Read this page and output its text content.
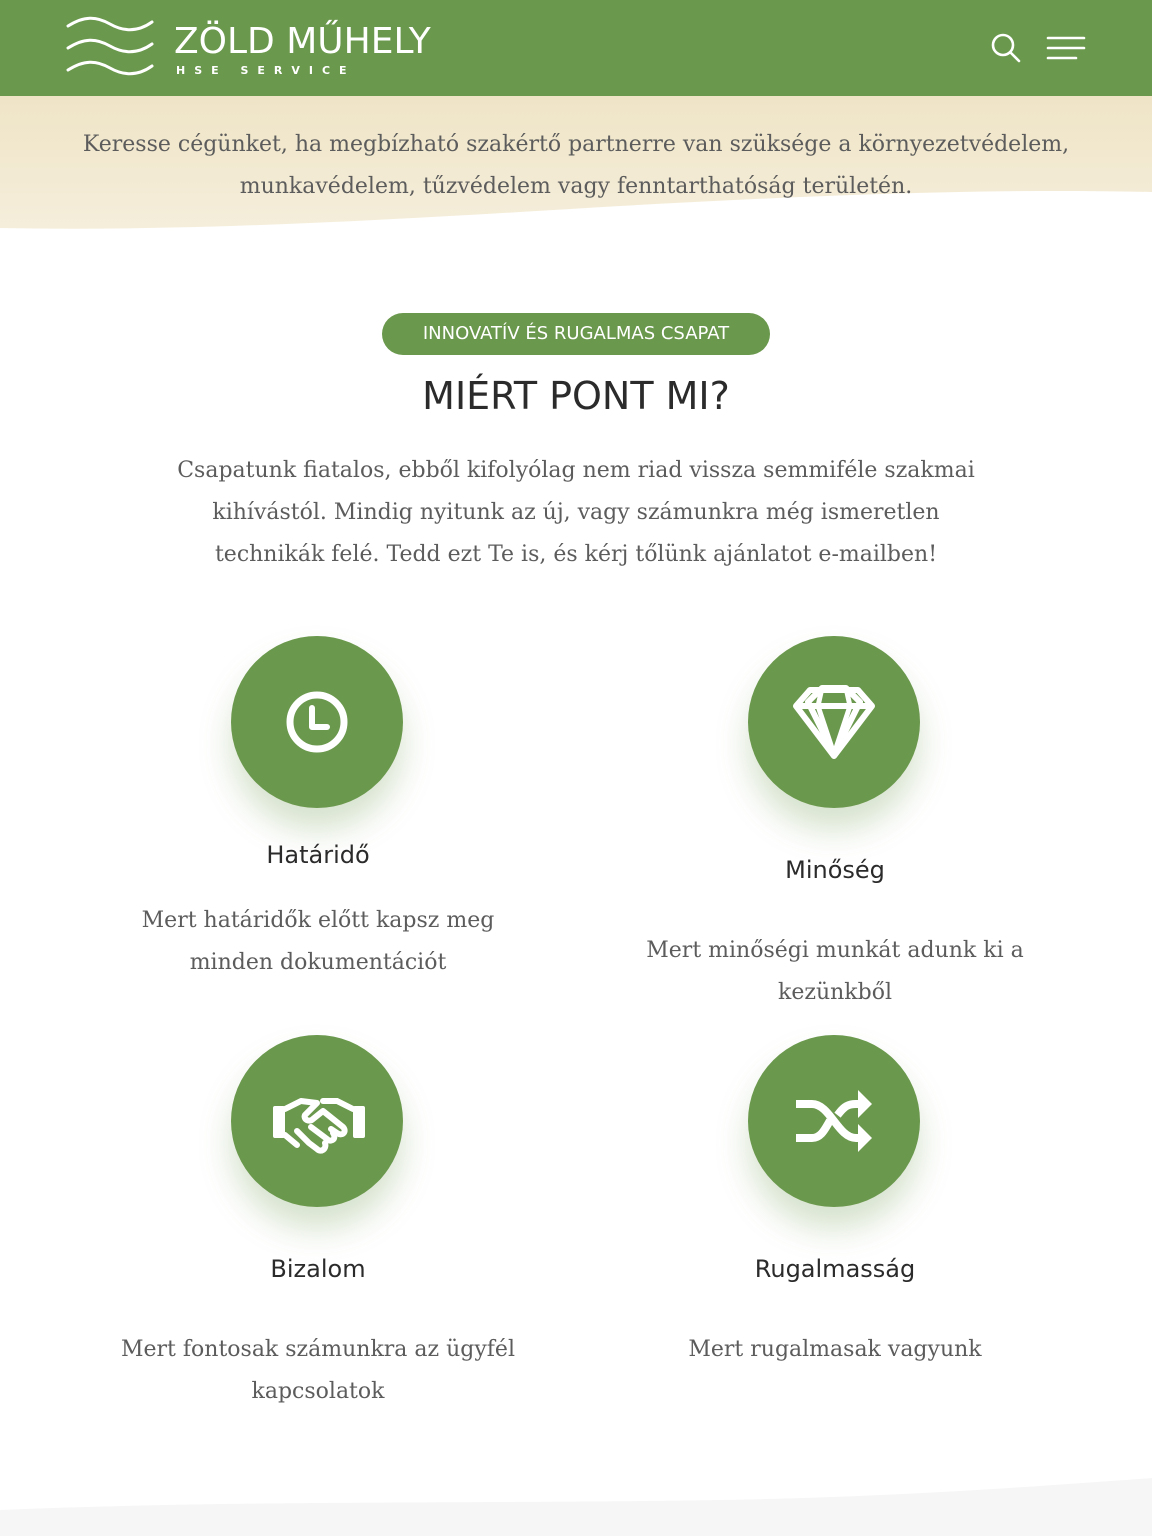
ZÖLD MŰHELY
HSE SERVICE

Keresse cégünket, ha megbízható szakértő partnerre van szüksége a környezetvédelem, munkavédelem, tűzvédelem vagy fenntarthatóság területén.

INNOVATÍV ÉS RUGALMAS CSAPAT
MIÉRT PONT MI?

Csapatunk fiatalos, ebből kifolyólag nem riad vissza semmiféle szakmai kihívástól. Mindig nyitunk az új, vagy számunkra még ismeretlen technikák felé. Tedd ezt Te is, és kérj tőlünk ajánlatot e-mailben!

Határidő

Mert határidők előtt kapsz meg minden dokumentációt

Minőség

Mert minőségi munkát adunk ki a kezünkből

Bizalom

Mert fontosak számunkra az ügyfél kapcsolatok

Rugalmasság

Mert rugalmasak vagyunk
